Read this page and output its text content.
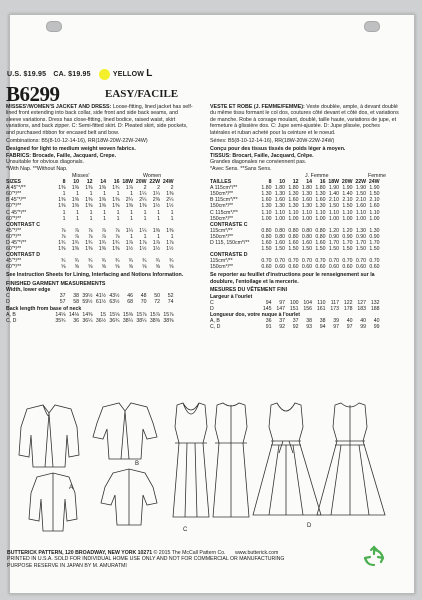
U.S. $19.95 CA. $19.95	YELLOW L
B6299	EASY/FACILE

MISSES'/WOMEN'S JACKET AND DRESS: Loose-fitting, lined jacket has self-lined front extending into back collar, side front and side back seams, and sleeve variations. Dress has close-fitting, lined bodice, raised waist, skirt variations, and back zipper. C: Semi-fitted skirt. D: Pleated skirt, side pockets, and purchased ribbon for encased belt and bow.

Combinations: B5(8-10-12-14-16), RR(18W-20W-22W-24W)

Designed for light to medium weight woven fabrics.

FABRICS: Brocade, Faille, Jacquard, Crepe.

Unsuitable for obvious diagonals.

*With Nap. **Without Nap.

Misses'	Women
SIZES	8	10	12	14	16	18W	20W	22W	24W
A 45"*/**	1⅜	1⅜	1⅜	1⅜	1¾	1⅞	2	2	2
60"*/**	1	1	1	1	1	1	1¼	1¼	1⅜
B 45"*/**	1⅜	1⅜	1⅜	1⅜	1⅜	2¼	2¼	2⅜	2¼
60"*/**	1⅜	1⅜	1⅜	1⅜	1⅜	1⅜	1⅜	1½	1½
C 45"*/**	1	1	1	1	1	1	1	1	1
60"*/**	1	1	1	1	1	1	1	1	1
CONTRAST C									
45"*/**	⅞	⅞	⅞	⅞	⅞	1¼	1¼	1⅜	1⅜
60"*/**	⅞	⅞	⅞	⅞	⅞	1	1	1	1
D 45"*/**	1¾	1¾	1¾	1¾	1¾	1⅞	1⅞	1⅞	1⅞
60"*/**	1⅜	1⅜	1⅜	1⅜	1⅜	1½	1½	1½	1½
CONTRAST D									
45"*/**	¾	¾	¾	¾	¾	¾	¾	¾	¾
60"*/**	⅝	⅝	⅝	⅝	⅝	⅝	⅝	⅝	⅝

See Instruction Sheets for Lining, Interfacing and Notions Information.

FINISHED GARMENT MEASUREMENTS

Width, lower edge									
C	37	38	39½	41½	43½	46	48	50	52
D	57	58	59½	61½	63½	68	70	72	74
Back length from base of neck									
A, B	14⅛	14⅛	14⅜	15	15⅛	15⅝	15⅞	15⅞	15⅞
C, D	35¾	36	36¼	36½	36¾	38¼	38¼	38⅜	38⅜

VESTE ET ROBE (J. FEMME/FEMME): Veste doublée, ample, à devant doublé du même tissu formant le col dos, coutures côté devant et côté dos, et variations de manche. Robe à corsage moulant, doublé, taille haute, variations de jupe, et fermeture à glissière dos. C: Jupe semi-ajustée. D: Jupe plissée, poches latérales et ruban acheté pour la ceinture et le noeud.

Séries: B5(8-10-12-14-16), RR(18W-20W-22W-24W)

Conçu pour des tissus tissés de poids léger à moyen.

TISSUS: Brocart, Faille, Jacquard, Crêpe.

Grandes diagonales ne conviennent pas.

*Avec Sens. **Sans Sens.

J. Femme	Femme
TAILLES	8	10	12	14	16	18W	20W	22W	24W
A 115cm*/**	1.80	1.80	1.80	1.80	1.80	1.90	1.90	1.90	1.90
150cm*/**	1.30	1.30	1.30	1.30	1.30	1.40	1.40	1.50	1.50
B 115cm*/**	1.60	1.60	1.60	1.60	1.60	2.10	2.10	2.10	2.10
150cm*/**	1.30	1.30	1.30	1.30	1.30	1.50	1.50	1.60	1.60
C 115cm*/**	1.10	1.10	1.10	1.10	1.10	1.10	1.10	1.10	1.10
150cm*/**	1.00	1.00	1.00	1.00	1.00	1.00	1.00	1.00	1.00
CONTRASTE C									
115cm*/**	0.80	0.80	0.80	0.80	0.80	1.20	1.20	1.30	1.30
150cm*/**	0.80	0.80	0.80	0.80	0.80	0.90	0.90	0.90	0.90
D 115, 150cm*/**	1.60	1.60	1.60	1.60	1.60	1.70	1.70	1.70	1.70
	1.50	1.50	1.50	1.50	1.50	1.50	1.50	1.50	1.50
CONTRASTE D									
115cm*/**	0.70	0.70	0.70	0.70	0.70	0.70	0.70	0.70	0.70
150cm*/**	0.60	0.60	0.60	0.60	0.60	0.60	0.60	0.60	0.60

Se reporter au feuillet d'instructions pour le renseignement sur la doublure, l'entoilage et la mercerie.

MESURES DU VÊTEMENT FINI

Largeur à l'ourlet									
C	94	97	100	104	110	117	122	127	132
D	145	147	151	156	161	173	178	183	188
Longueur dos, votre nuque à l'ourlet									
A, B	36	37	37	38	38	39	40	40	40
C, D	91	92	92	93	94	97	97	99	99
A
B
C
D
BUTTERICK PATTERN, 120 BROADWAY, NEW YORK 10271 © 2015 The McCall Pattern Co. www.butterick.com
PRINTED IN U.S.A. SOLD FOR INDIVIDUAL HOME USE ONLY AND NOT FOR COMMERCIAL OR MANUFACTURING
PURPOSE RESERVE IN JAPAN BY M. AMURATMI
